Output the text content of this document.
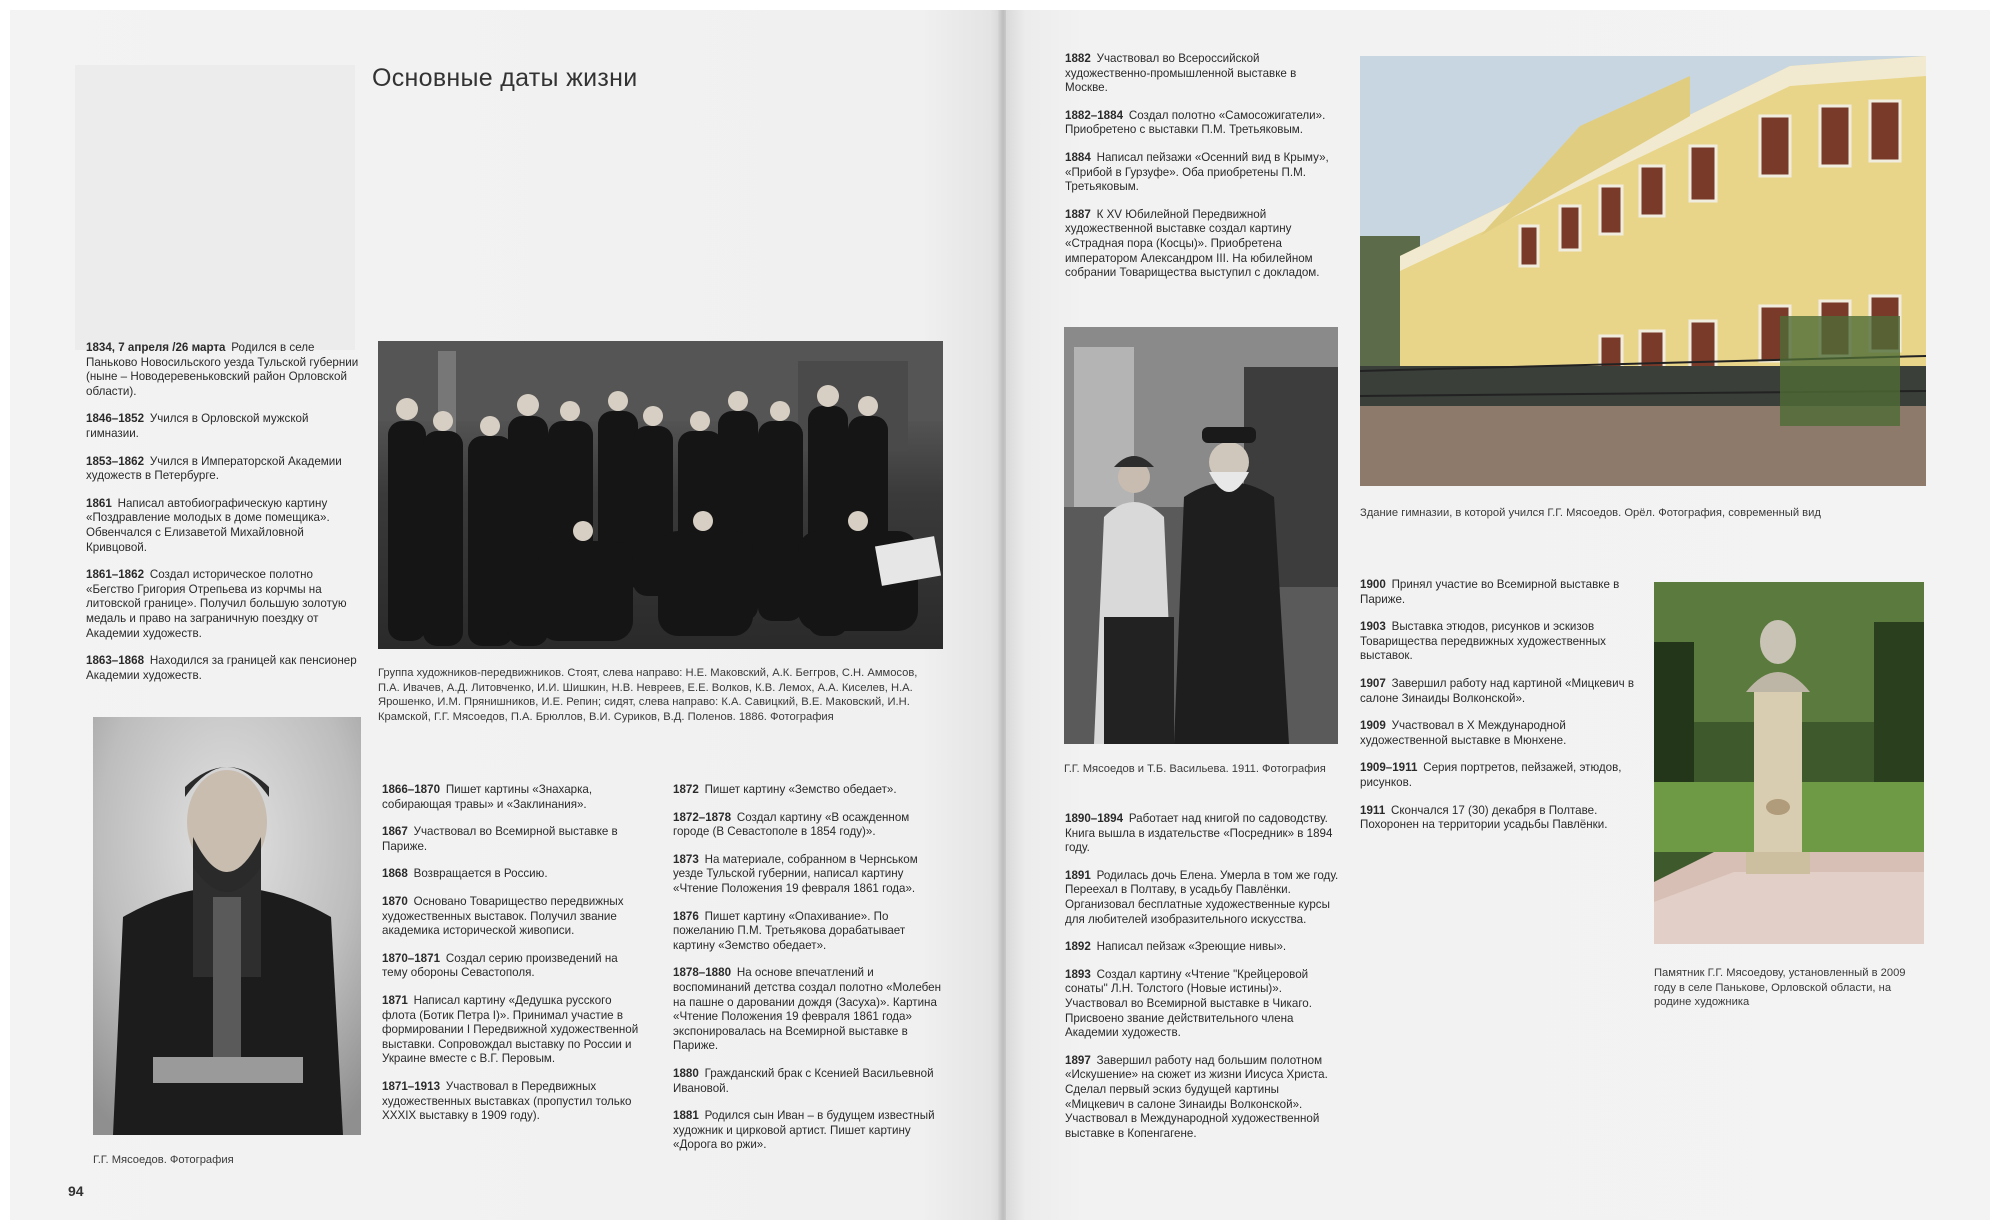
Основные даты жизни

1834, 7 апреля /26 марта  Родился в селе Паньково Новосильского уезда Тульской губернии (ныне – Новодеревеньковский район Орловской области).

1846–1852  Учился в Орловской мужской гимназии.

1853–1862  Учился в Императорской Академии художеств в Петербурге.

1861  Написал автобиографическую картину «Поздравление молодых в доме помещика». Обвенчался с Елизаветой Михайловной Кривцовой.

1861–1862  Создал историческое полотно «Бегство Григория Отрепьева из корчмы на литовской границе». Получил большую золотую медаль и право на заграничную поездку от Академии художеств.

1863–1868  Находился за границей как пенсионер Академии художеств.	Группа художников-передвижников. Стоят, слева направо: Н.Е. Маковский, А.К. Беггров, С.Н. Аммосов, П.А. Ивачев, А.Д. Литовченко, И.И. Шишкин, Н.В. Невреев, Е.Е. Волков, К.В. Лемох, А.А. Киселев, Н.А. Ярошенко, И.М. Прянишников, И.Е. Репин; сидят, слева направо: К.А. Савицкий, В.Е. Маковский, И.Н. Крамской, Г.Г. Мясоедов, П.А. Брюллов, В.И. Суриков, В.Д. Поленов. 1886. Фотография
Г.Г. Мясоедов. Фотография

1866–1870  Пишет картины «Знахарка, собирающая травы» и «Заклинания».

1867  Участвовал во Всемирной выставке в Париже.

1868  Возвращается в Россию.

1870  Основано Товарищество передвижных художественных выставок. Получил звание академика исторической живописи.

1870–1871  Создал серию произведений на тему обороны Севастополя.

1871  Написал картину «Дедушка русского флота (Ботик Петра I)». Принимал участие в формировании I Передвижной художественной выставки. Сопровождал выставку по России и Украине вместе с В.Г. Перовым.

1871–1913  Участвовал в Передвижных художественных выставках (пропустил только XXXIX выставку в 1909 году).

1872  Пишет картину «Земство обедает».

1872–1878  Создал картину «В осажденном городе (В Севастополе в 1854 году)».

1873  На материале, собранном в Чернськом уезде Тульской губернии, написал картину «Чтение Положения 19 февраля 1861 года».

1876  Пишет картину «Опахивание». По пожеланию П.М. Третьякова дорабатывает картину «Земство обедает».

1878–1880  На основе впечатлений и воспоминаний детства создал полотно «Молебен на пашне о даровании дождя (Засуха)». Картина «Чтение Положения 19 февраля 1861 года» экспонировалась на Всемирной выставке в Париже.

1880  Гражданский брак с Ксенией Васильевной Ивановой.

1881  Родился сын Иван – в будущем известный художник и цирковой артист. Пишет картину «Дорога во ржи».

94

1882  Участвовал во Всероссийской художественно-промышленной выставке в Москве.

1882–1884  Создал полотно «Самосожигатели». Приобретено с выставки П.М. Третьяковым.

1884  Написал пейзажи «Осенний вид в Крыму», «Прибой в Гурзуфе». Оба приобретены П.М. Третьяковым.

1887  К XV Юбилейной Передвижной художественной выставке создал картину «Страдная пора (Косцы)». Приобретена императором Александром III. На юбилейном собрании Товарищества выступил с докладом.

Здание гимназии, в которой учился Г.Г. Мясоедов. Орёл. Фотография, современный вид
Г.Г. Мясоедов и Т.Б. Васильева. 1911. Фотография

1890–1894  Работает над книгой по садоводству. Книга вышла в издательстве «Посредник» в 1894 году.

1891  Родилась дочь Елена. Умерла в том же году. Переехал в Полтаву, в усадьбу Павлёнки. Организовал бесплатные художественные курсы для любителей изобразительного искусства.

1892  Написал пейзаж «Зреющие нивы».

1893  Создал картину «Чтение "Крейцеровой сонаты" Л.Н. Толстого (Новые истины)». Участвовал во Всемирной выставке в Чикаго. Присвоено звание действительного члена Академии художеств.

1897  Завершил работу над большим полотном «Искушение» на сюжет из жизни Иисуса Христа. Сделал первый эскиз будущей картины «Мицкевич в салоне Зинаиды Волконской». Участвовал в Международной художественной выставке в Копенгагене.

1900  Принял участие во Всемирной выставке в Париже.

1903  Выставка этюдов, рисунков и эскизов Товарищества передвижных художественных выставок.

1907  Завершил работу над картиной «Мицкевич в салоне Зинаиды Волконской».

1909  Участвовал в X Международной художественной выставке в Мюнхене.

1909–1911  Серия портретов, пейзажей, этюдов, рисунков.

1911  Скончался 17 (30) декабря в Полтаве. Похоронен на территории усадьбы Павлёнки.

Памятник Г.Г. Мясоедову, установленный в 2009 году в селе Панькове, Орловской области, на родине художника
